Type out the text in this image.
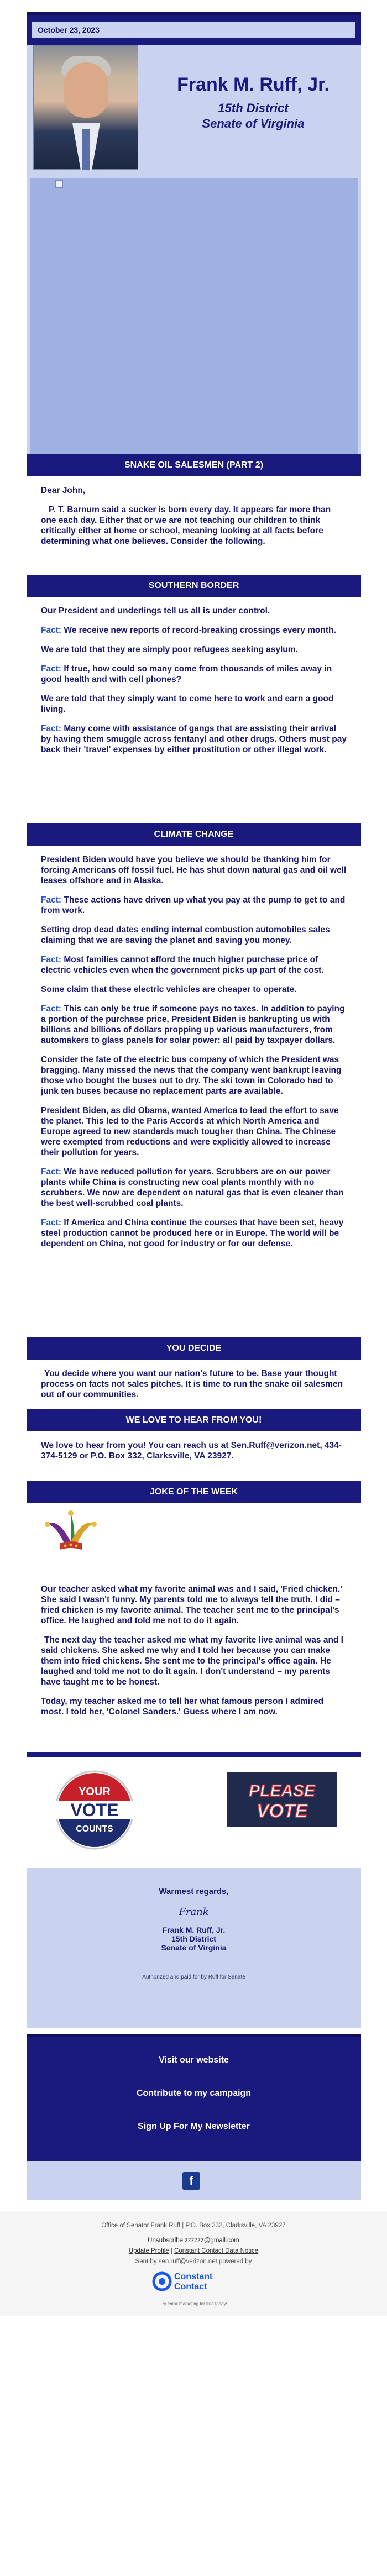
October 23, 2023
Frank M. Ruff, Jr.
15th District
Senate of Virginia
SNAKE OIL SALESMEN (PART 2)

Dear John,

P. T. Barnum said a sucker is born every day. It appears far more than one each day. Either that or we are not teaching our children to think critically either at home or school, meaning looking at all facts before determining what one believes. Consider the following.

SOUTHERN BORDER

Our President and underlings tell us all is under control.

Fact: We receive new reports of record-breaking crossings every month.

We are told that they are simply poor refugees seeking asylum.

Fact: If true, how could so many come from thousands of miles away in good health and with cell phones?

We are told that they simply want to come here to work and earn a good living.

Fact: Many come with assistance of gangs that are assisting their arrival by having them smuggle across fentanyl and other drugs. Others must pay back their 'travel' expenses by either prostitution or other illegal work.

CLIMATE CHANGE

President Biden would have you believe we should be thanking him for forcing Americans off fossil fuel. He has shut down natural gas and oil well leases offshore and in Alaska.

Fact: These actions have driven up what you pay at the pump to get to and from work.

Setting drop dead dates ending internal combustion automobiles sales claiming that we are saving the planet and saving you money.

Fact: Most families cannot afford the much higher purchase price of electric vehicles even when the government picks up part of the cost.

Some claim that these electric vehicles are cheaper to operate.

Fact: This can only be true if someone pays no taxes. In addition to paying a portion of the purchase price, President Biden is bankrupting us with billions and billions of dollars propping up various manufacturers, from automakers to glass panels for solar power: all paid by taxpayer dollars.

Consider the fate of the electric bus company of which the President was bragging. Many missed the news that the company went bankrupt leaving those who bought the buses out to dry. The ski town in Colorado had to junk ten buses because no replacement parts are available.

President Biden, as did Obama, wanted America to lead the effort to save the planet. This led to the Paris Accords at which North America and Europe agreed to new standards much tougher than China. The Chinese were exempted from reductions and were explicitly allowed to increase their pollution for years.

Fact: We have reduced pollution for years. Scrubbers are on our power plants while China is constructing new coal plants monthly with no scrubbers. We now are dependent on natural gas that is even cleaner than the best well-scrubbed coal plants.

Fact: If America and China continue the courses that have been set, heavy steel production cannot be produced here or in Europe. The world will be dependent on China, not good for industry or for our defense.

YOU DECIDE

You decide where you want our nation's future to be. Base your thought process on facts not sales pitches. It is time to run the snake oil salesmen out of our communities.

WE LOVE TO HEAR FROM YOU!

We love to hear from you! You can reach us at Sen.Ruff@verizon.net, 434-374-5129 or P.O. Box 332, Clarksville, VA 23927.

JOKE OF THE WEEK

Our teacher asked what my favorite animal was and I said, 'Fried chicken.' She said I wasn't funny. My parents told me to always tell the truth. I did – fried chicken is my favorite animal. The teacher sent me to the principal's office. He laughed and told me not to do it again.

The next day the teacher asked me what my favorite live animal was and I said chickens. She asked me why and I told her because you can make them into fried chickens. She sent me to the principal's office again. He laughed and told me not to do it again. I don't understand – my parents have taught me to be honest.

Today, my teacher asked me to tell her what famous person I admired most. I told her, 'Colonel Sanders.' Guess where I am now.

YOUR
VOTE
COUNTS
PLEASE
VOTE
Warmest regards,
Frank
Frank M. Ruff, Jr.
15th District
Senate of Virginia
Authorized and paid for by Ruff for Senate
Visit our website
Contribute to my campaign
Sign Up For My Newsletter
f
Office of Senator Frank Ruff | P.O. Box 332, Clarksville, VA 23927
Unsubscribe zzzzzz@gmail.com
Update Profile | Constant Contact Data Notice
Sent by sen.ruff@verizon.net powered by
Constant
Contact
Try email marketing for free today!
